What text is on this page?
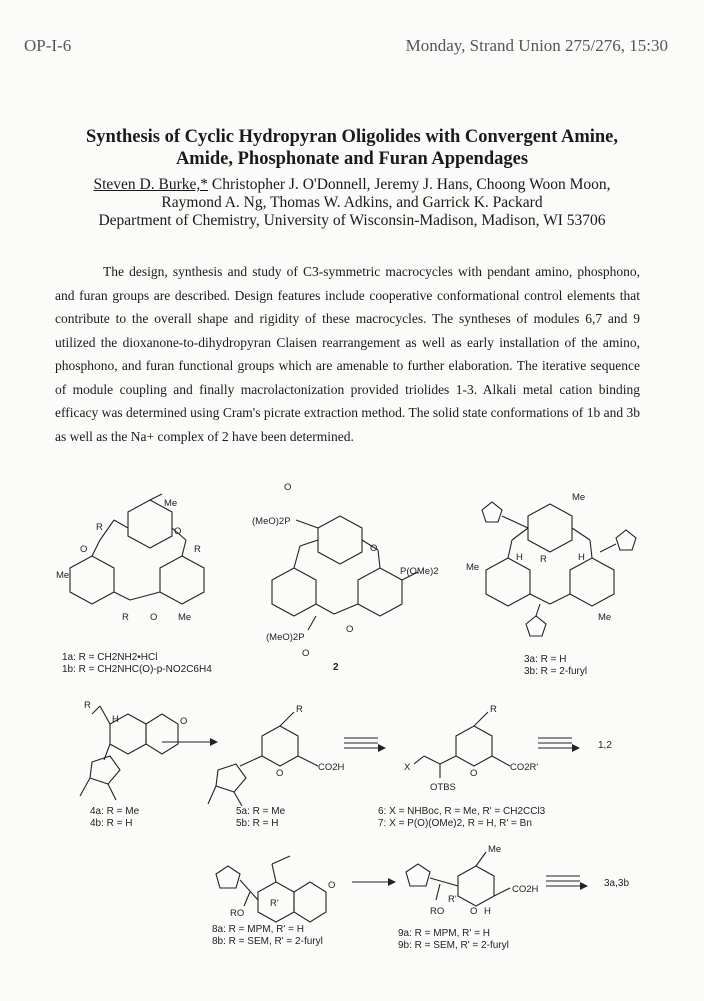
OP-I-6	Monday, Strand Union 275/276, 15:30
Synthesis of Cyclic Hydropyran Oligolides with Convergent Amine,
Amide, Phosphonate and Furan Appendages
Steven D. Burke,* Christopher J. O'Donnell, Jeremy J. Hans, Choong Woon Moon,
Raymond A. Ng, Thomas W. Adkins, and Garrick K. Packard
Department of Chemistry, University of Wisconsin-Madison, Madison, WI 53706

The design, synthesis and study of C3-symmetric macrocycles with pendant amino, phosphono, and furan groups are described. Design features include cooperative conformational control elements that contribute to the overall shape and rigidity of these macrocycles. The syntheses of modules 6,7 and 9 utilized the dioxanone-to-dihydropyran Claisen rearrangement as well as early installation of the amino, phosphono, and furan functional groups which are amenable to further elaboration. The iterative sequence of module coupling and finally macrolactonization provided triolides 1-3. Alkali metal cation binding efficacy was determined using Cram's picrate extraction method. The solid state conformations of 1b and 3b as well as the Na+ complex of 2 have been determined.

Me
R
R
Me
R O Me
O
O
(MeO)2P
O
P(OMe)2
(MeO)2P
O
O
O
Me
Me
Me
R
H	H
R
H	O
R
O
CO2H	X
OTBS
R
O
CO2R'
RO
R'
O
Me
RO
R'
H
O
CO2H
1a: R = CH2NH2•HCl
1b: R = CH2NHC(O)-p-NO2C6H4	2
3a: R = H
3b: R = 2-furyl
4a: R = Me
4b: R = H
5a: R = Me
5b: R = H
6: X = NHBoc, R = Me, R' = CH2CCl3
7: X = P(O)(OMe)2, R = H, R' = Bn
1,2
8a: R = MPM, R' = H
8b: R = SEM, R' = 2-furyl
9a: R = MPM, R' = H
9b: R = SEM, R' = 2-furyl
3a,3b
